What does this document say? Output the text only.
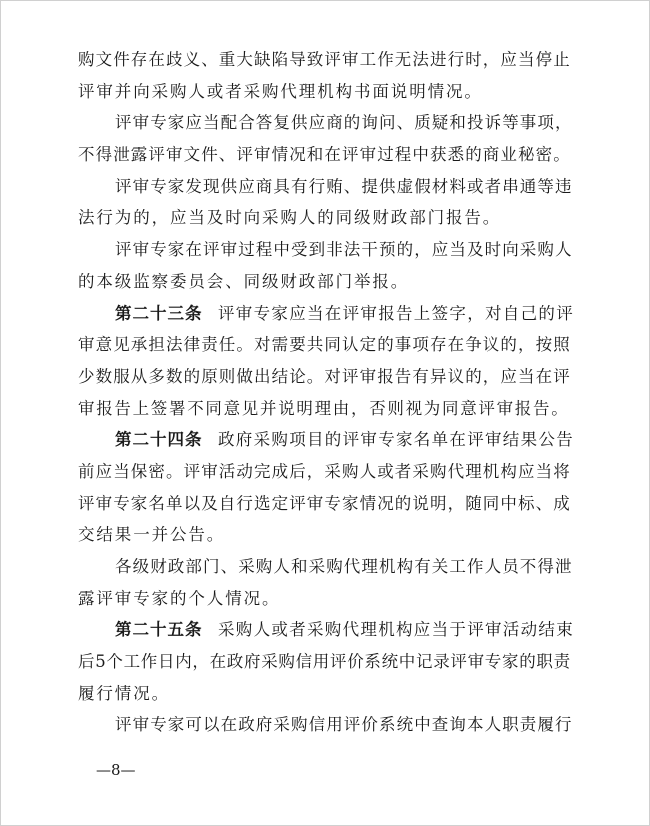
购文件存在歧义、重大缺陷导致评审工作无法进行时，应当停止
评审并向采购人或者采购代理机构书面说明情况。
评审专家应当配合答复供应商的询问、质疑和投诉等事项，
不得泄露评审文件、评审情况和在评审过程中获悉的商业秘密。
评审专家发现供应商具有行贿、提供虚假材料或者串通等违
法行为的，应当及时向采购人的同级财政部门报告。
评审专家在评审过程中受到非法干预的，应当及时向采购人
的本级监察委员会、同级财政部门举报。
第二十三条 评审专家应当在评审报告上签字，对自己的评
审意见承担法律责任。对需要共同认定的事项存在争议的，按照
少数服从多数的原则做出结论。对评审报告有异议的，应当在评
审报告上签署不同意见并说明理由，否则视为同意评审报告。
第二十四条 政府采购项目的评审专家名单在评审结果公告
前应当保密。评审活动完成后，采购人或者采购代理机构应当将
评审专家名单以及自行选定评审专家情况的说明，随同中标、成
交结果一并公告。
各级财政部门、采购人和采购代理机构有关工作人员不得泄
露评审专家的个人情况。
第二十五条 采购人或者采购代理机构应当于评审活动结束
后5个工作日内，在政府采购信用评价系统中记录评审专家的职责
履行情况。
评审专家可以在政府采购信用评价系统中查询本人职责履行
—8—
